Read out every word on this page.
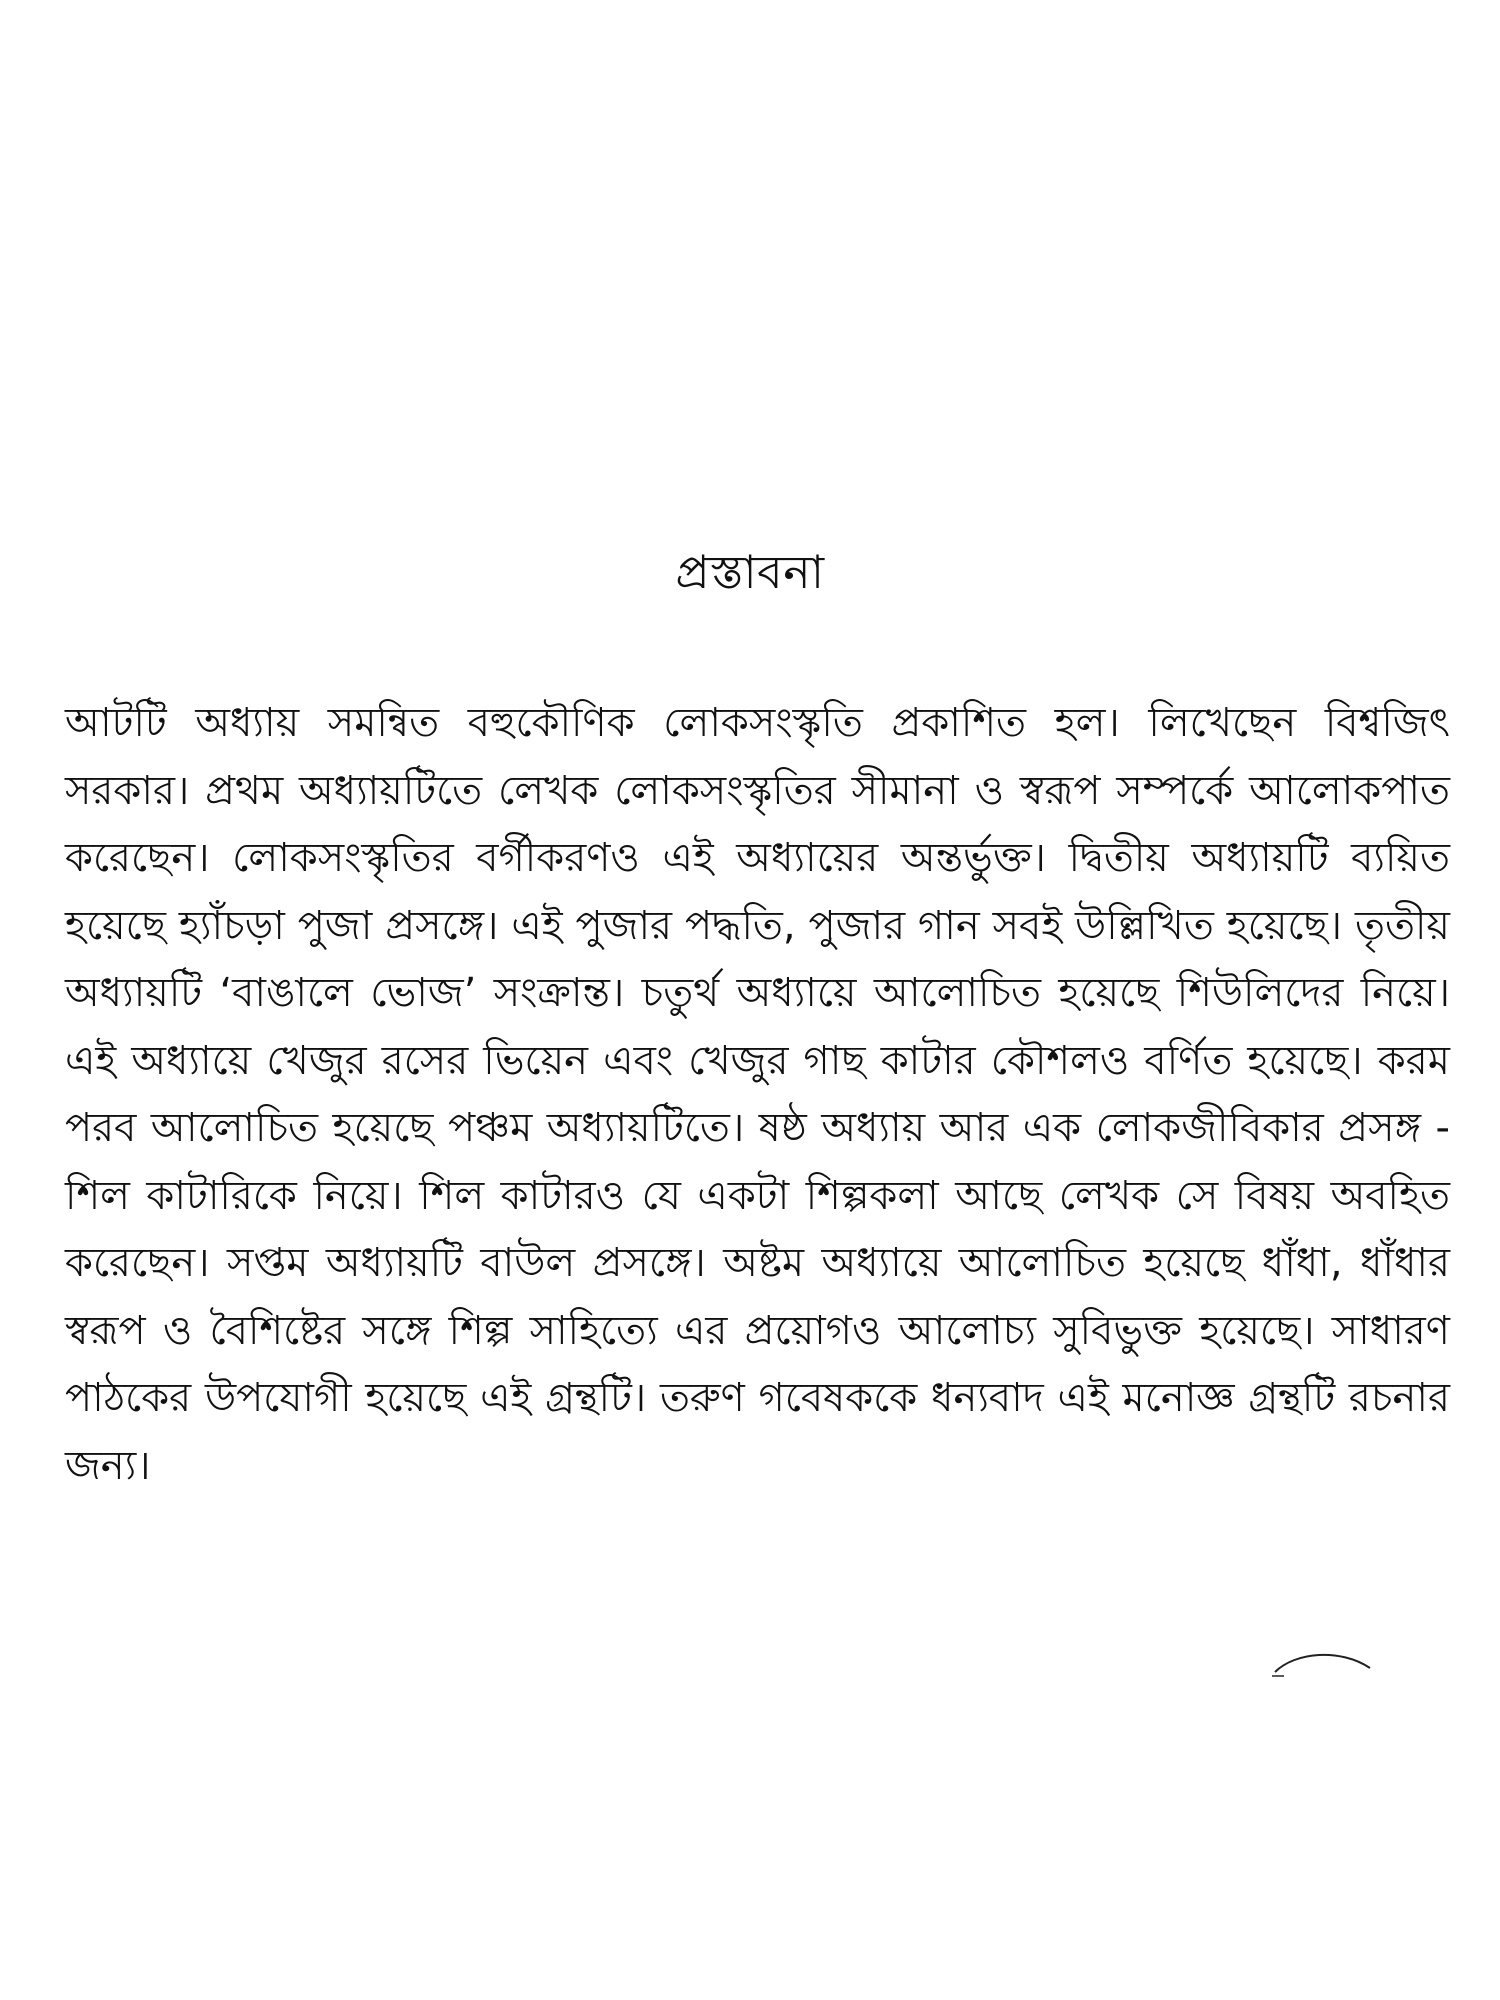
প্রস্তাবনা

আটটি অধ্যায় সমন্বিত বহুকৌণিক লোকসংস্কৃতি প্রকাশিত হল। লিখেছেন বিশ্বজিৎ সরকার। প্রথম অধ্যায়টিতে লেখক লোকসংস্কৃতির সীমানা ও স্বরূপ সম্পর্কে আলোকপাত করেছেন। লোকসংস্কৃতির বর্গীকরণও এই অধ্যায়ের অন্তর্ভুক্ত। দ্বিতীয় অধ্যায়টি ব্যয়িত হয়েছে হ্যাঁচড়া পুজা প্রসঙ্গে। এই পুজার পদ্ধতি, পুজার গান সবই উল্লিখিত হয়েছে। তৃতীয় অধ্যায়টি ‘বাঙালে ভোজ’ সংক্রান্ত। চতুর্থ অধ্যায়ে আলোচিত হয়েছে শিউলিদের নিয়ে। এই অধ্যায়ে খেজুর রসের ভিয়েন এবং খেজুর গাছ কাটার কৌশলও বর্ণিত হয়েছে। করম পরব আলোচিত হয়েছে পঞ্চম অধ্যায়টিতে। ষষ্ঠ অধ্যায় আর এক লোকজীবিকার প্রসঙ্গ - শিল কাটারিকে নিয়ে। শিল কাটারও যে একটা শিল্পকলা আছে লেখক সে বিষয় অবহিত করেছেন। সপ্তম অধ্যায়টি বাউল প্রসঙ্গে। অষ্টম অধ্যায়ে আলোচিত হয়েছে ধাঁধা, ধাঁধার স্বরূপ ও বৈশিষ্টের সঙ্গে শিল্প সাহিত্যে এর প্রয়োগও আলোচ্য সুবিভুক্ত হয়েছে। সাধারণ পাঠকের উপযোগী হয়েছে এই গ্রন্থটি। তরুণ গবেষককে ধন্যবাদ এই মনোজ্ঞ গ্রন্থটি রচনার জন্য।
